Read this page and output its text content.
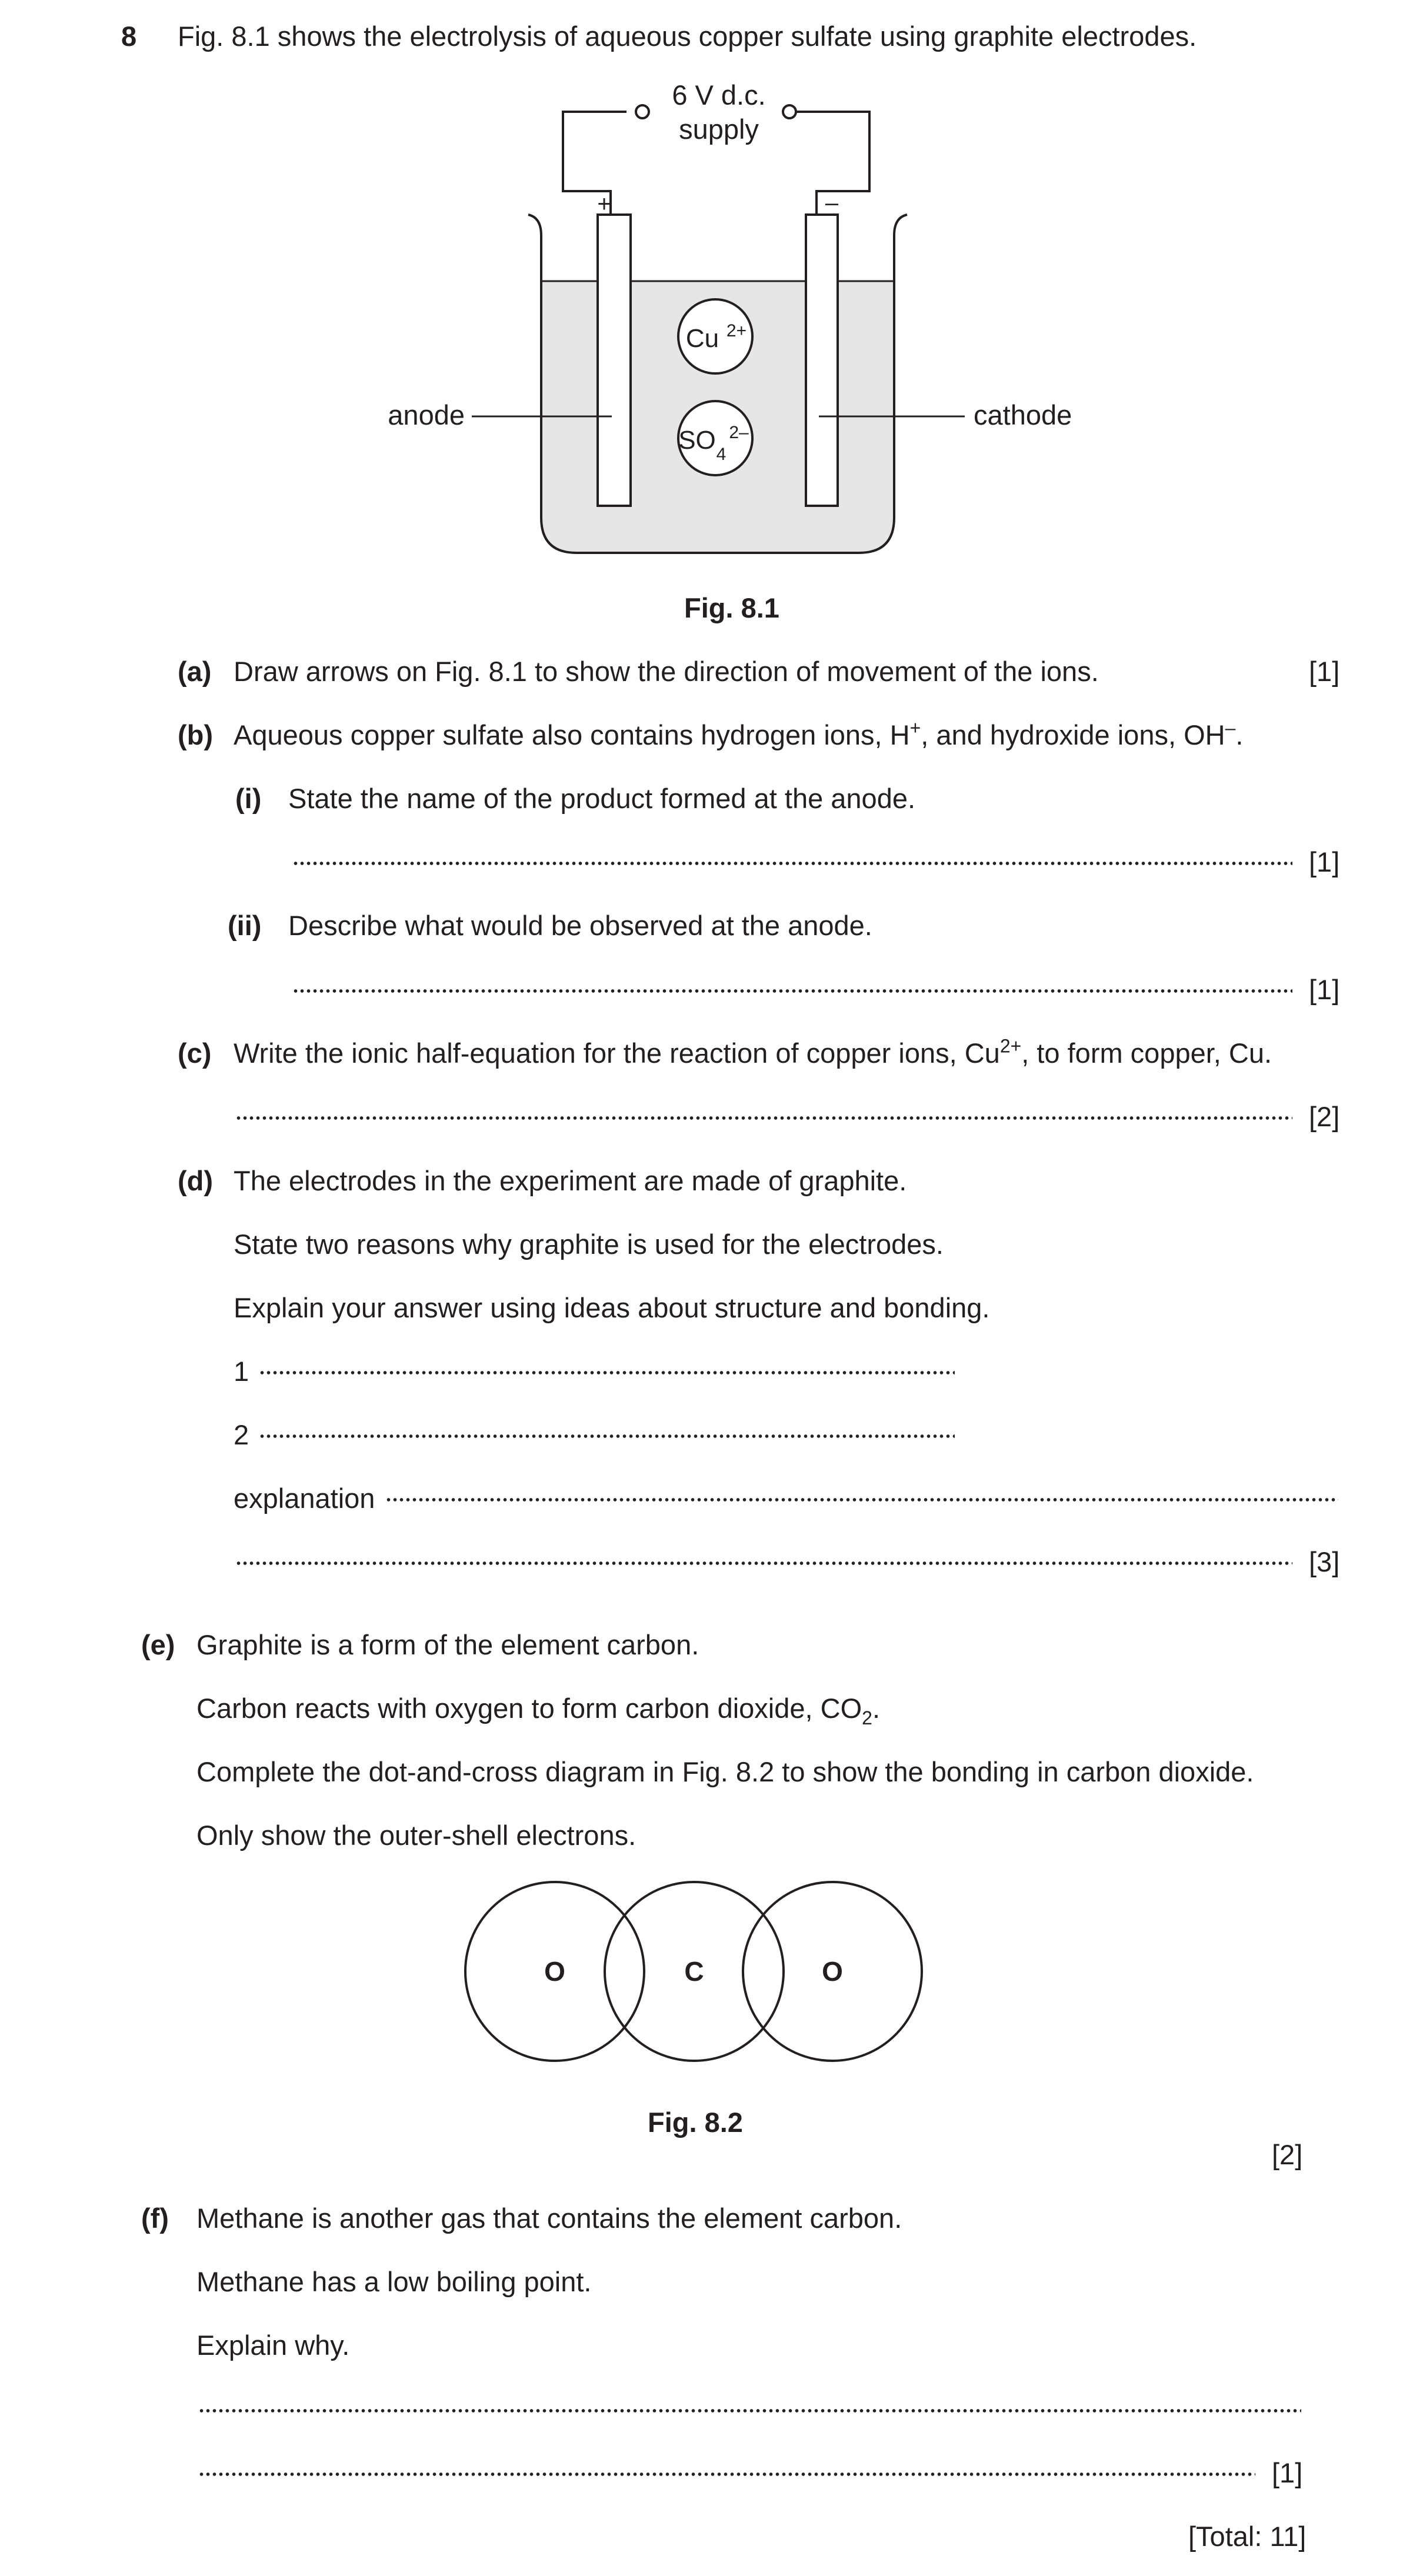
8 Fig. 8.1 shows the electrolysis of aqueous copper sulfate using graphite electrodes.
6 V d.c.
supply
+	–
Cu 2+
SO 4
2–
anode	cathode
Fig. 8.1
(a) Draw arrows on Fig. 8.1 to show the direction of movement of the ions.	[1]
(b) Aqueous copper sulfate also contains hydrogen ions, H+, and hydroxide ions, OH–.
(i) State the name of the product formed at the anode.
[1]
(ii) Describe what would be observed at the anode.
[1]
(c) Write the ionic half-equation for the reaction of copper ions, $Cu^{2+}$, to form copper, Cu.
[2]
(d) The electrodes in the experiment are made of graphite.
State two reasons why graphite is used for the electrodes.
Explain your answer using ideas about structure and bonding.
1
2
explanation
[3]
(e) Graphite is a form of the element carbon.
Carbon reacts with oxygen to form carbon dioxide, $CO_2$.
Complete the dot-and-cross diagram in Fig. 8.2 to show the bonding in carbon dioxide.
Only show the outer-shell electrons.
O	C	O
Fig. 8.2
[2]
(f) Methane is another gas that contains the element carbon.
Methane has a low boiling point.
Explain why.
[1]
[Total: 11]
